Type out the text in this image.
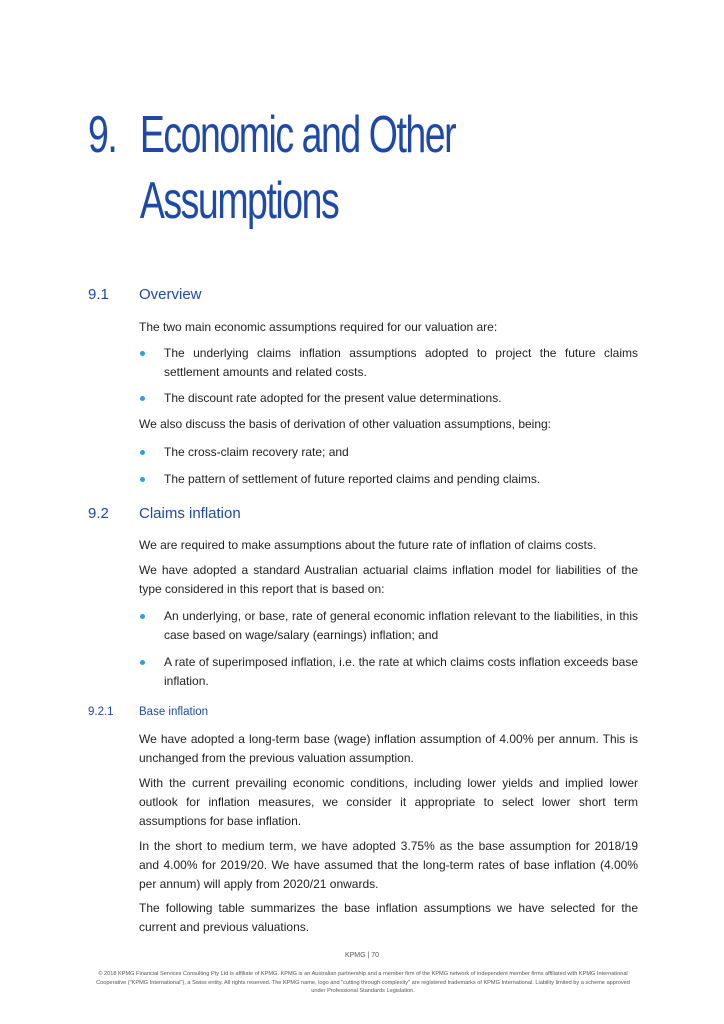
9. Economic and Other
Assumptions
9.1 Overview

The two main economic assumptions required for our valuation are:

The underlying claims inflation assumptions adopted to project the future claims settlement amounts and related costs.
The discount rate adopted for the present value determinations.

We also discuss the basis of derivation of other valuation assumptions, being:

The cross-claim recovery rate; and
The pattern of settlement of future reported claims and pending claims.
9.2 Claims inflation

We are required to make assumptions about the future rate of inflation of claims costs.

We have adopted a standard Australian actuarial claims inflation model for liabilities of the type considered in this report that is based on:

An underlying, or base, rate of general economic inflation relevant to the liabilities, in this case based on wage/salary (earnings) inflation; and
A rate of superimposed inflation, i.e. the rate at which claims costs inflation exceeds base inflation.
9.2.1 Base inflation

We have adopted a long-term base (wage) inflation assumption of 4.00% per annum. This is unchanged from the previous valuation assumption.

With the current prevailing economic conditions, including lower yields and implied lower outlook for inflation measures, we consider it appropriate to select lower short term assumptions for base inflation.

In the short to medium term, we have adopted 3.75% as the base assumption for 2018/19 and 4.00% for 2019/20. We have assumed that the long-term rates of base inflation (4.00% per annum) will apply from 2020/21 onwards.

The following table summarizes the base inflation assumptions we have selected for the current and previous valuations.

KPMG | 70

© 2018 KPMG Financial Services Consulting Pty Ltd is affiliate of KPMG. KPMG is an Australian partnership and a member firm of the KPMG network of independent member firms affiliated with KPMG International Cooperative ("KPMG International"), a Swiss entity. All rights reserved. The KPMG name, logo and "cutting through complexity" are registered trademarks of KPMG International. Liability limited by a scheme approved under Professional Standards Legislation.
